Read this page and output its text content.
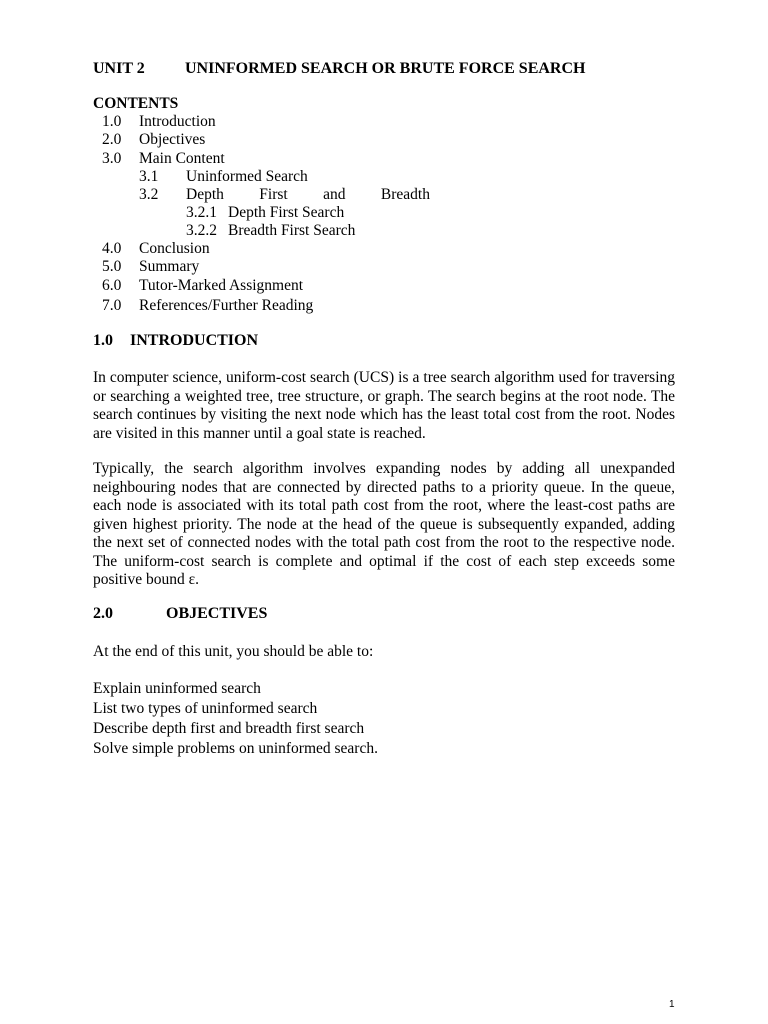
UNIT 2	UNINFORMED SEARCH OR BRUTE FORCE SEARCH
CONTENTS
1.0 Introduction
2.0 Objectives
3.0 Main Content
3.1 Uninformed Search
3.2 Depth First and Breadth
3.2.1 Depth First Search
3.2.2 Breadth First Search
4.0 Conclusion
5.0 Summary
6.0 Tutor-Marked Assignment
7.0 References/Further Reading
1.0 INTRODUCTION

In computer science, uniform-cost search (UCS) is a tree search algorithm used for traversing or searching a weighted tree, tree structure, or graph. The search begins at the root node. The search continues by visiting the next node which has the least total cost from the root. Nodes are visited in this manner until a goal state is reached.

Typically, the search algorithm involves expanding nodes by adding all unexpanded neighbouring nodes that are connected by directed paths to a priority queue. In the queue, each node is associated with its total path cost from the root, where the least-cost paths are given highest priority. The node at the head of the queue is subsequently expanded, adding the next set of connected nodes with the total path cost from the root to the respective node. The uniform-cost search is complete and optimal if the cost of each step exceeds some positive bound ε.

2.0	OBJECTIVES
At the end of this unit, you should be able to:
Explain uninformed search
List two types of uninformed search
Describe depth first and breadth first search
Solve simple problems on uninformed search.
1
